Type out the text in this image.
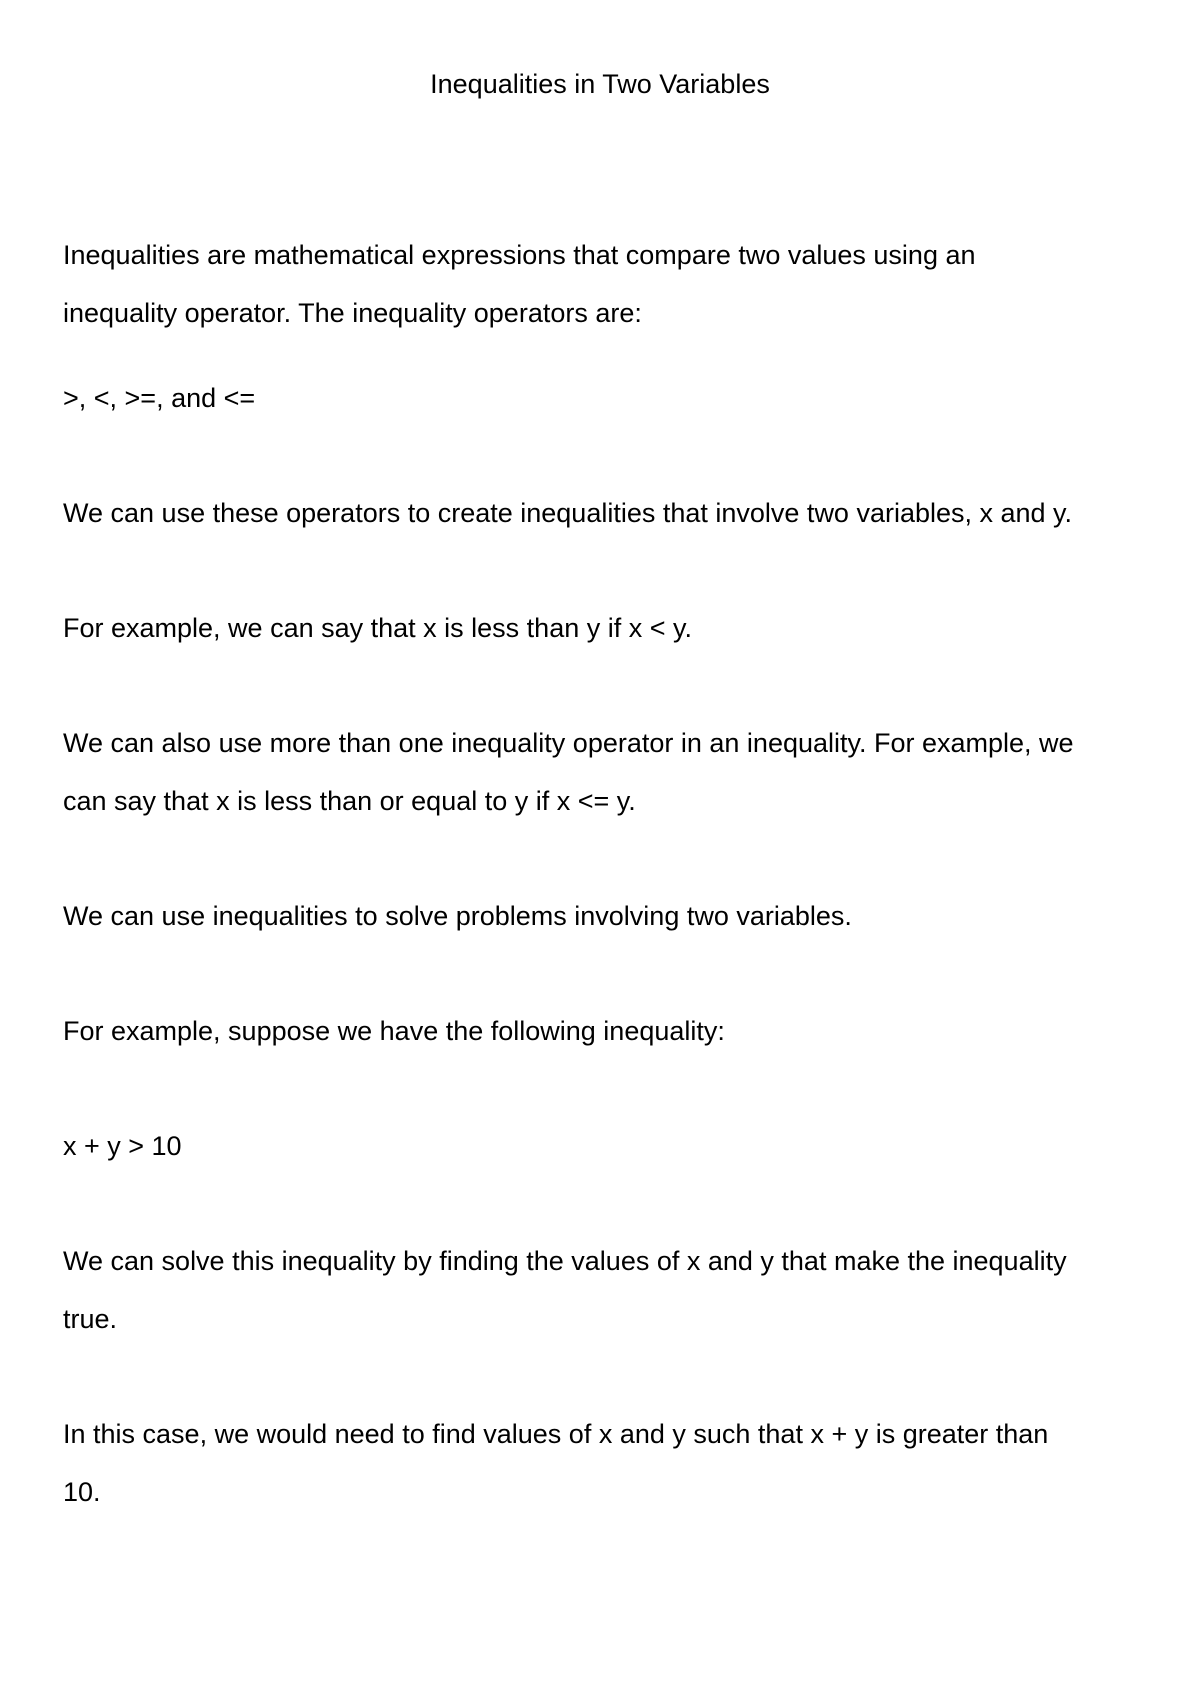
Inequalities in Two Variables

Inequalities are mathematical expressions that compare two values using an
inequality operator. The inequality operators are:

>, <, >=, and <=

We can use these operators to create inequalities that involve two variables, x and y.

For example, we can say that x is less than y if x < y.

We can also use more than one inequality operator in an inequality. For example, we
can say that x is less than or equal to y if x <= y.

We can use inequalities to solve problems involving two variables.

For example, suppose we have the following inequality:

x + y > 10

We can solve this inequality by finding the values of x and y that make the inequality
true.

In this case, we would need to find values of x and y such that x + y is greater than
10.
